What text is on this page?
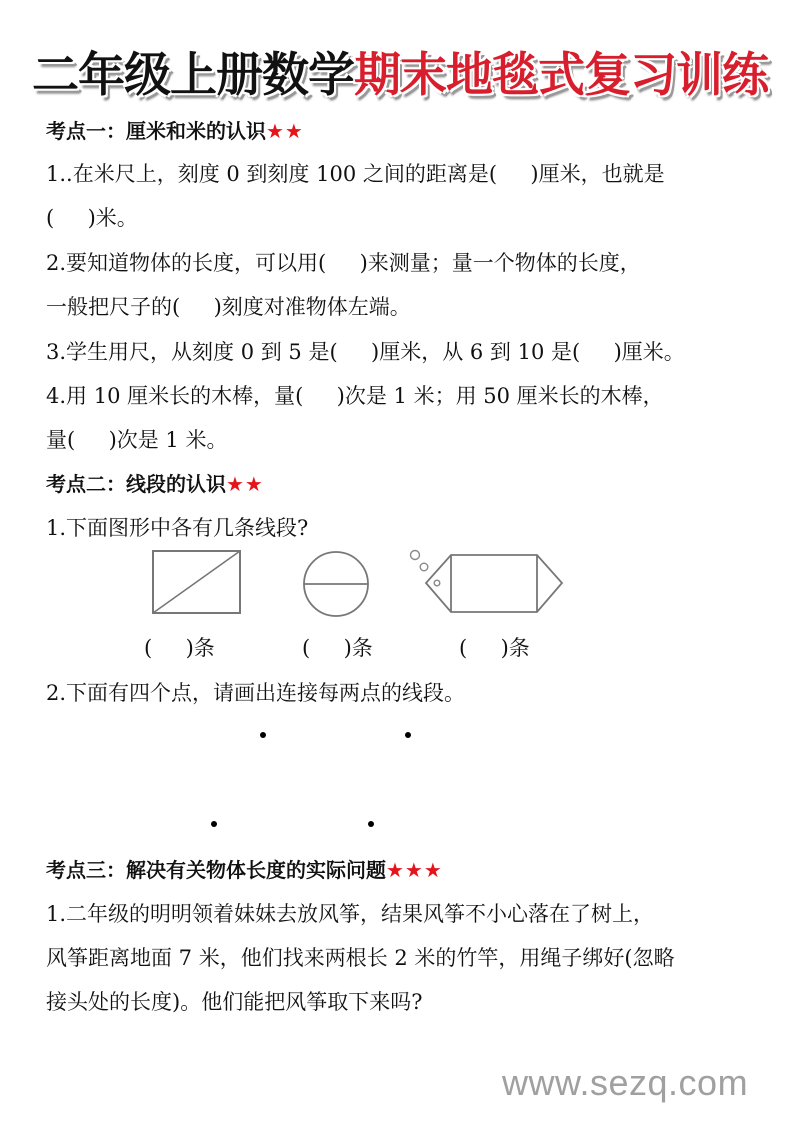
二年级上册数学期末地毯式复习训练
考点一：厘米和米的认识★★
1..在米尺上，刻度 0 到刻度 100 之间的距离是(     )厘米，也就是
(     )米。
2.要知道物体的长度，可以用(     )来测量；量一个物体的长度，
一般把尺子的(     )刻度对准物体左端。
3.学生用尺，从刻度 0 到 5 是(     )厘米，从 6 到 10 是(     )厘米。
4.用 10 厘米长的木棒，量(     )次是 1 米；用 50 厘米长的木棒，
量(     )次是 1 米。
考点二：线段的认识★★
1.下面图形中各有几条线段?
(     )条	(     )条	(     )条
2.下面有四个点，请画出连接每两点的线段。
考点三：解决有关物体长度的实际问题★★★
1.二年级的明明领着妹妹去放风筝，结果风筝不小心落在了树上，
风筝距离地面 7 米，他们找来两根长 2 米的竹竿，用绳子绑好(忽略
接头处的长度)。他们能把风筝取下来吗?
www.sezq.com
